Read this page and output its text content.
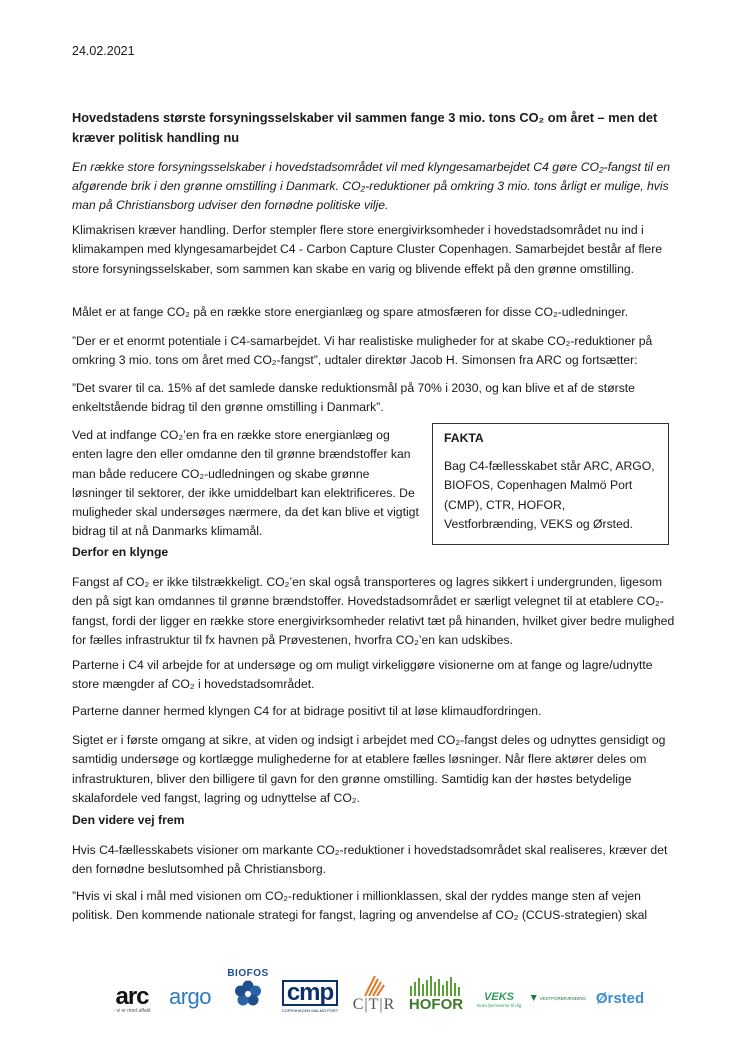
24.02.2021

Hovedstadens største forsyningsselskaber vil sammen fange 3 mio. tons CO₂ om året – men det kræver politisk handling nu

En række store forsyningsselskaber i hovedstadsområdet vil med klyngesamarbejdet C4 gøre CO₂-fangst til en afgørende brik i den grønne omstilling i Danmark. CO₂-reduktioner på omkring 3 mio. tons årligt er mulige, hvis man på Christiansborg udviser den fornødne politiske vilje.

Klimakrisen kræver handling. Derfor stempler flere store energivirksomheder i hovedstadsområdet nu ind i klimakampen med klyngesamarbejdet C4 - Carbon Capture Cluster Copenhagen. Samarbejdet består af flere store forsyningsselskaber, som sammen kan skabe en varig og blivende effekt på den grønne omstilling.

Målet er at fange CO₂ på en række store energianlæg og spare atmosfæren for disse CO₂-udledninger.

”Der er et enormt potentiale i C4-samarbejdet. Vi har realistiske muligheder for at skabe CO₂-reduktioner på omkring 3 mio. tons om året med CO₂-fangst”, udtaler direktør Jacob H. Simonsen fra ARC og fortsætter:

”Det svarer til ca. 15% af det samlede danske reduktionsmål på 70% i 2030, og kan blive et af de største enkeltstående bidrag til den grønne omstilling i Danmark”.

Ved at indfange CO₂’en fra en række store energianlæg og enten lagre den eller omdanne den til grønne brændstoffer kan man både reducere CO₂-udledningen og skabe grønne løsninger til sektorer, der ikke umiddelbart kan elektrificeres. De muligheder skal undersøges nærmere, da det kan blive et vigtigt bidrag til at nå Danmarks klimamål.

FAKTA

Bag C4-fællesskabet står ARC, ARGO, BIOFOS, Copenhagen Malmö Port (CMP), CTR, HOFOR, Vestforbrænding, VEKS og Ørsted.

Derfor en klynge

Fangst af CO₂ er ikke tilstrækkeligt. CO₂’en skal også transporteres og lagres sikkert i undergrunden, ligesom den på sigt kan omdannes til grønne brændstoffer. Hovedstadsområdet er særligt velegnet til at etablere CO₂-fangst, fordi der ligger en række store energivirksomheder relativt tæt på hinanden, hvilket giver bedre mulighed for fælles infrastruktur til fx havnen på Prøvestenen, hvorfra CO₂’en kan udskibes.

Parterne i C4 vil arbejde for at undersøge og om muligt virkeliggøre visionerne om at fange og lagre/udnytte store mængder af CO₂ i hovedstadsområdet.

Parterne danner hermed klyngen C4 for at bidrage positivt til at løse klimaudfordringen.

Sigtet er i første omgang at sikre, at viden og indsigt i arbejdet med CO₂-fangst deles og udnyttes gensidigt og samtidig undersøge og kortlægge mulighederne for at etablere fælles løsninger. Når flere aktører deles om infrastrukturen, bliver den billigere til gavn for den grønne omstilling. Samtidig kan der høstes betydelige skalafordele ved fangst, lagring og udnyttelse af CO₂.

Den videre vej frem

Hvis C4-fællesskabets visioner om markante CO₂-reduktioner i hovedstadsområdet skal realiseres, kræver det den fornødne beslutsomhed på Christiansborg.

”Hvis vi skal i mål med visionen om CO₂-reduktioner i millionklassen, skal der ryddes mange sten af vejen politisk. Den kommende nationale strategi for fangst, lagring og anvendelse af CO₂ (CCUS-strategien) skal

arc
- vi er med affald
argo
BIOFOS
cmp
COPENHAGEN MALMÖ PORT C|T|R HOFOR VEKS
Grøn fjernvarme til dig
VESTFORBRÆNDING Ørsted
